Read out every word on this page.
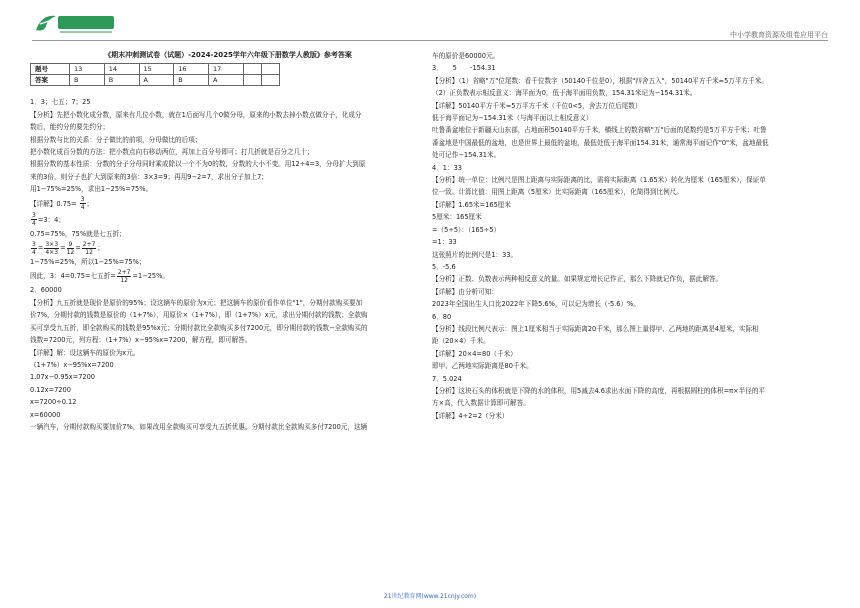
中小学教育资源及组卷应用平台
《期末冲刺测试卷（试题）-2024-2025学年六年级下册数学人教版》参考答案
题号	13	14	15	16	17		
答案	B	B	A	B	A		

1．3；七五；7；25

【分析】先把小数化成分数，原来有几位小数，就在1后面写几个0做分母，原来的小数去掉小数点做分子，化成分

数后，能约分的要先约分；

根据分数与比的关系：分子做比的前项，分母做比的后项；

把小数化成百分数的方法：把小数点向右移动两位，再加上百分号即可；打几折就是百分之几十；

根据分数的基本性质：分数的分子分母同时乘或除以一个不为0的数，分数的大小不变。用12÷4=3，分母扩大到原

来的3倍，则分子也扩大到原来的3倍：3×3=9；再用9−2=7，求出分子加上7；

用1−75%=25%，求出1−25%=75%。

【详解】$0.75= \frac{3}{4}$ ；

$\frac{3}{4} =3$：4；

0.75=75%，75%就是七五折；

$\frac{3}{4} = \frac{3\times 3}{4\times 3} = \frac{9}{12} = \frac{2+7}{12}$ ；

1−75%=25%，所以1−25%=75%；

因此，3：4=0.75=七五折= $\frac{2+7}{12} =1-25\%$。

2．60000

【分析】九五折就是现价是原价的95%；设这辆车的原价为x元；把这辆车的原价看作单位"1"，分期付款购买要加

价7%，分期付款的钱数是原价的（1+7%），用原价×（1+7%），即（1+7%）x元，求出分期付款的钱数；全款购

买可享受九五折，即全款购买的钱数是95%x元；分期付款比全款购买多付7200元，即分期付款的钱数−全款购买的

钱数=7200元，列方程：（1+7%）x−95%x=7200，解方程，即可解答。

【详解】解：设这辆车的原价为x元。

（1+7%）x−95%x=7200

1.07x−0.95x=7200

0.12x=7200

x=7200÷0.12

x=60000

一辆汽车，分期付款购买要加价7%，如果改用全款购买可享受九五折优惠。分期付款比全款购买多付7200元，这辆

车的原价是60000元。

3．　　5　　-154.31

【分析】（1）省略"万"位尾数：看千位数字（50140千位是0），根据"四舍五入"，50140平方千米≈5万平方千米。

（2）正负数表示相反意义：海平面为0，低于海平面用负数，154.31米记为−154.31米。

【详解】50140平方千米≈5万平方千米（千位0<5，舍去万位后尾数）

低于海平面记为−154.31米（与海平面以上相反意义）

吐鲁番盆地位于新疆天山东部，占地面积50140平方千米，横线上的数省略"万"后面的尾数约是5万平方千米；吐鲁

番盆地是中国最低的盆地，也是世界上最低的盆地，最低处低于海平面154.31米，通常海平面记作"0"米，盆地最低

处可记作−154.31米。

4．1：33

【分析】统一单位：比例尺是图上距离与实际距离的比，需将实际距离（1.65米）转化为厘米（165厘米），保证单

位一致。计算比值：用图上距离（5厘米）比实际距离（165厘米），化简得到比例尺。

【详解】1.65米=165厘米

5厘米：165厘米

=（5÷5）：（165÷5）

=1：33

这张照片的比例尺是1：33。

5．-5.6

【分析】正数、负数表示两种相反意义的量。如果规定增长记作正，那么下降就记作负，据此解答。

【详解】由分析可知：

2023年全国出生人口比2022年下降5.6%，可以记为增长（-5.6）%。

6．80

【分析】线段比例尺表示：图上1厘米相当于实际距离20千米，那么图上量得甲、乙两地的距离是4厘米，实际相

距（20×4）千米。

【详解】20×4=80（千米）

即甲、乙两地实际距离是80千米。

7．5.024

【分析】这块石头的体积就是下降的水的体积，用5减去4.6求出水面下降的高度，再根据圆柱的体积=π×半径的平

方×高，代入数据计算即可解答。

【详解】4÷2=2（分米）

21世纪教育网(www.21cnjy.com)
